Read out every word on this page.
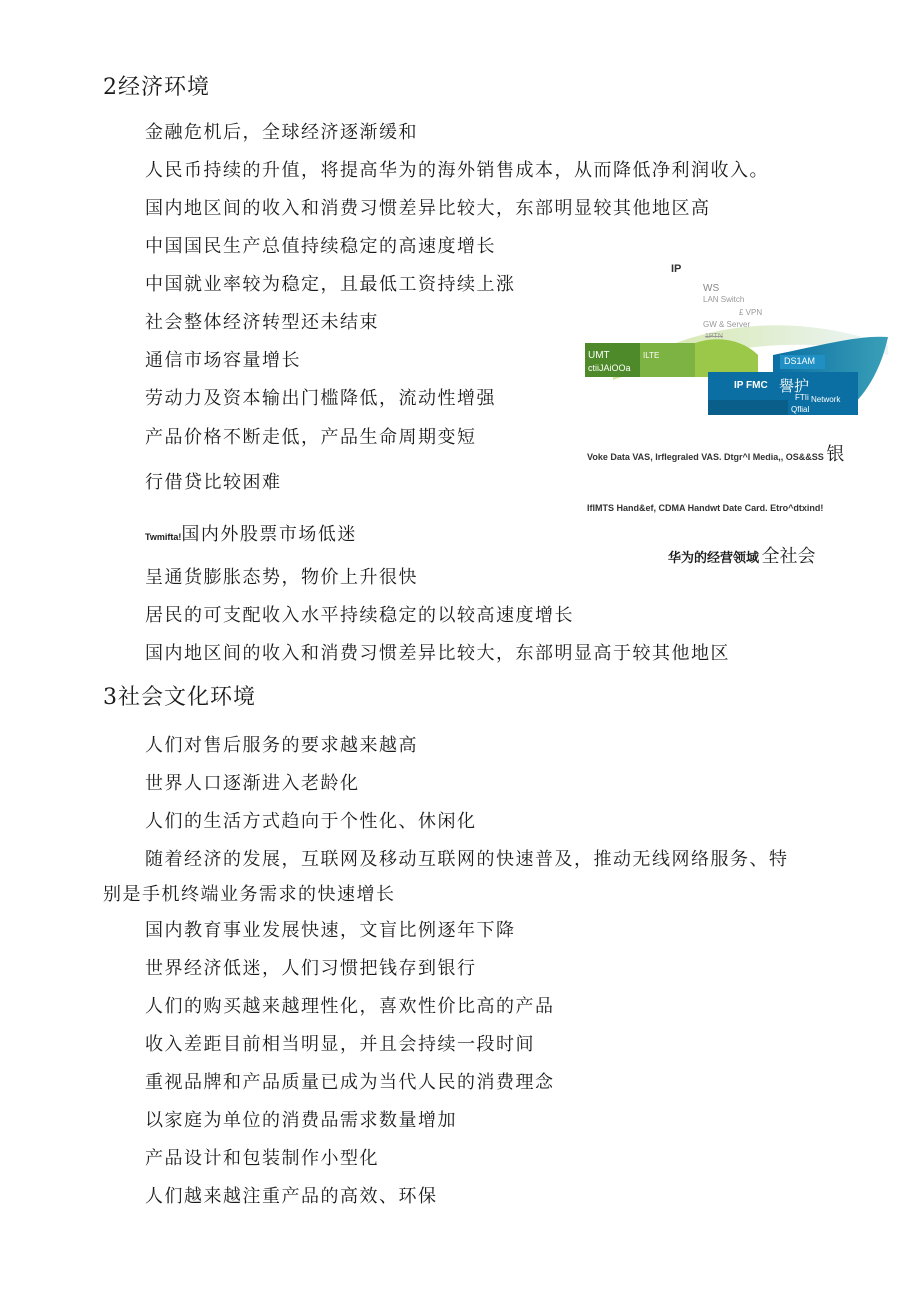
2经济环境
金融危机后，全球经济逐渐缓和
人民币持续的升值，将提高华为的海外销售成本，从而降低净利润收入。
国内地区间的收入和消费习惯差异比较大，东部明显较其他地区高
中国国民生产总值持续稳定的高速度增长
中国就业率较为稳定，且最低工资持续上涨
社会整体经济转型还未结束
通信市场容量增长
劳动力及资本输出门槛降低，流动性增强
产品价格不断走低，产品生命周期变短
行借贷比较困难
Twmifta!国内外股票市场低迷
呈通货膨胀态势，物价上升很快
居民的可支配收入水平持续稳定的以较高速度增长
国内地区间的收入和消费习惯差异比较大，东部明显高于较其他地区
3社会文化环境
人们对售后服务的要求越来越高
世界人口逐渐进入老龄化
人们的生活方式趋向于个性化、休闲化
随着经济的发展，互联网及移动互联网的快速普及，推动无线网络服务、特
别是手机终端业务需求的快速增长
国内教育事业发展快速，文盲比例逐年下降
世界经济低迷，人们习惯把钱存到银行
人们的购买越来越理性化，喜欢性价比高的产品
收入差距目前相当明显，并且会持续一段时间
重视品牌和产品质量已成为当代人民的消费理念
以家庭为单位的消费品需求数量增加
产品设计和包装制作小型化
人们越来越注重产品的高效、环保
IP
WS
LAN Switch
£ VPN
GW & Server
1PTN
UMT
ctiiJAiOOa
ILTE
DS1AM
IP FMC 譽护
FTIi Network
Qflial
Voke Data VAS, Irflegraled VAS. Dtgr^l Media,, OS&&SS 银
IflMTS Hand&ef, CDMA Handwt Date Card. Etro^dtxind!
华为的经营领域 全社会
